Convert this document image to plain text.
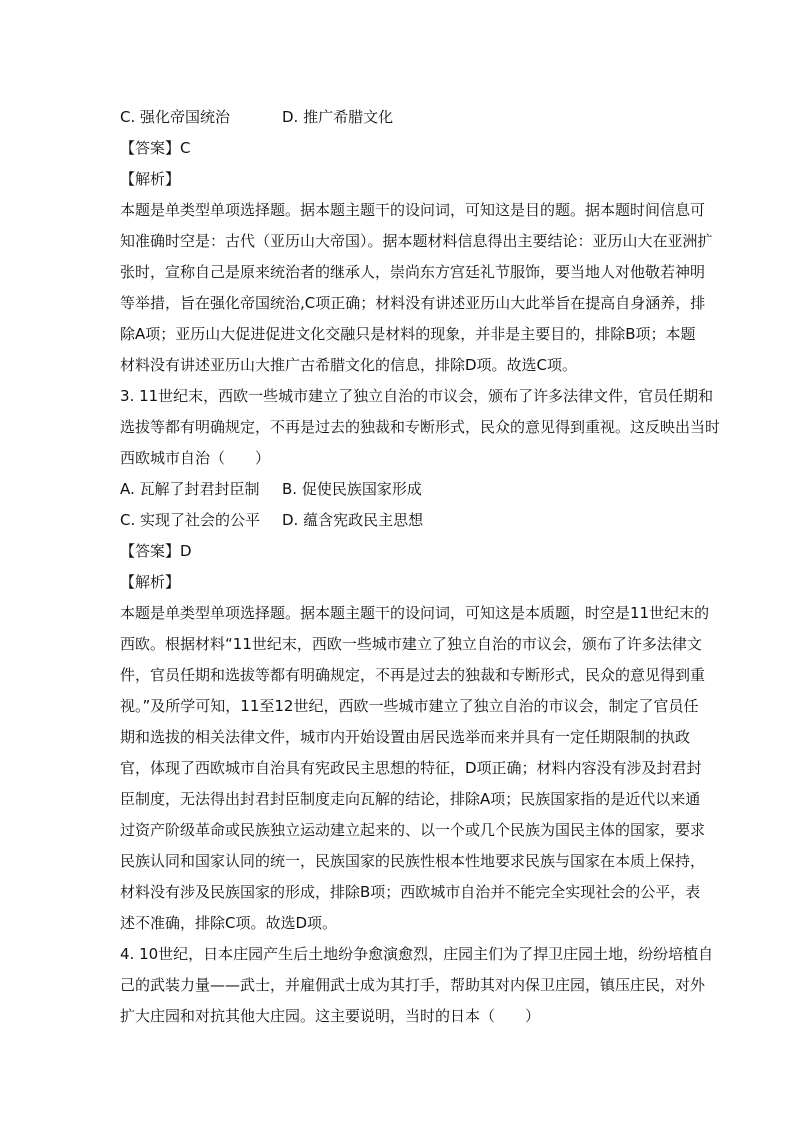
C. 强化帝国统治	D. 推广希腊文化
【答案】C
【解析】
本题是单类型单项选择题。据本题主题干的设问词，可知这是目的题。据本题时间信息可
知准确时空是：古代（亚历山大帝国）。据本题材料信息得出主要结论：亚历山大在亚洲扩
张时，宣称自己是原来统治者的继承人，崇尚东方宫廷礼节服饰，要当地人对他敬若神明
等举措，旨在强化帝国统治,C项正确；材料没有讲述亚历山大此举旨在提高自身涵养，排
除A项；亚历山大促进促进文化交融只是材料的现象，并非是主要目的，排除B项；本题
材料没有讲述亚历山大推广古希腊文化的信息，排除D项。故选C项。
3. 11世纪末，西欧一些城市建立了独立自治的市议会，颁布了许多法律文件，官员任期和
选拔等都有明确规定，不再是过去的独裁和专断形式，民众的意见得到重视。这反映出当时
西欧城市自治（　　）
A. 瓦解了封君封臣制	B. 促使民族国家形成
C. 实现了社会的公平	D. 蕴含宪政民主思想
【答案】D
【解析】
本题是单类型单项选择题。据本题主题干的设问词，可知这是本质题，时空是11世纪末的
西欧。根据材料“11世纪末，西欧一些城市建立了独立自治的市议会，颁布了许多法律文
件，官员任期和选拔等都有明确规定，不再是过去的独裁和专断形式，民众的意见得到重
视。”及所学可知，11至12世纪，西欧一些城市建立了独立自治的市议会，制定了官员任
期和选拔的相关法律文件，城市内开始设置由居民选举而来并具有一定任期限制的执政
官，体现了西欧城市自治具有宪政民主思想的特征，D项正确；材料内容没有涉及封君封
臣制度，无法得出封君封臣制度走向瓦解的结论，排除A项；民族国家指的是近代以来通
过资产阶级革命或民族独立运动建立起来的、以一个或几个民族为国民主体的国家，要求
民族认同和国家认同的统一，民族国家的民族性根本性地要求民族与国家在本质上保持，
材料没有涉及民族国家的形成，排除B项；西欧城市自治并不能完全实现社会的公平，表
述不准确，排除C项。故选D项。
4. 10世纪，日本庄园产生后土地纷争愈演愈烈，庄园主们为了捍卫庄园土地，纷纷培植自
己的武装力量——武士，并雇佣武士成为其打手，帮助其对内保卫庄园，镇压庄民，对外
扩大庄园和对抗其他大庄园。这主要说明，当时的日本（　　）
